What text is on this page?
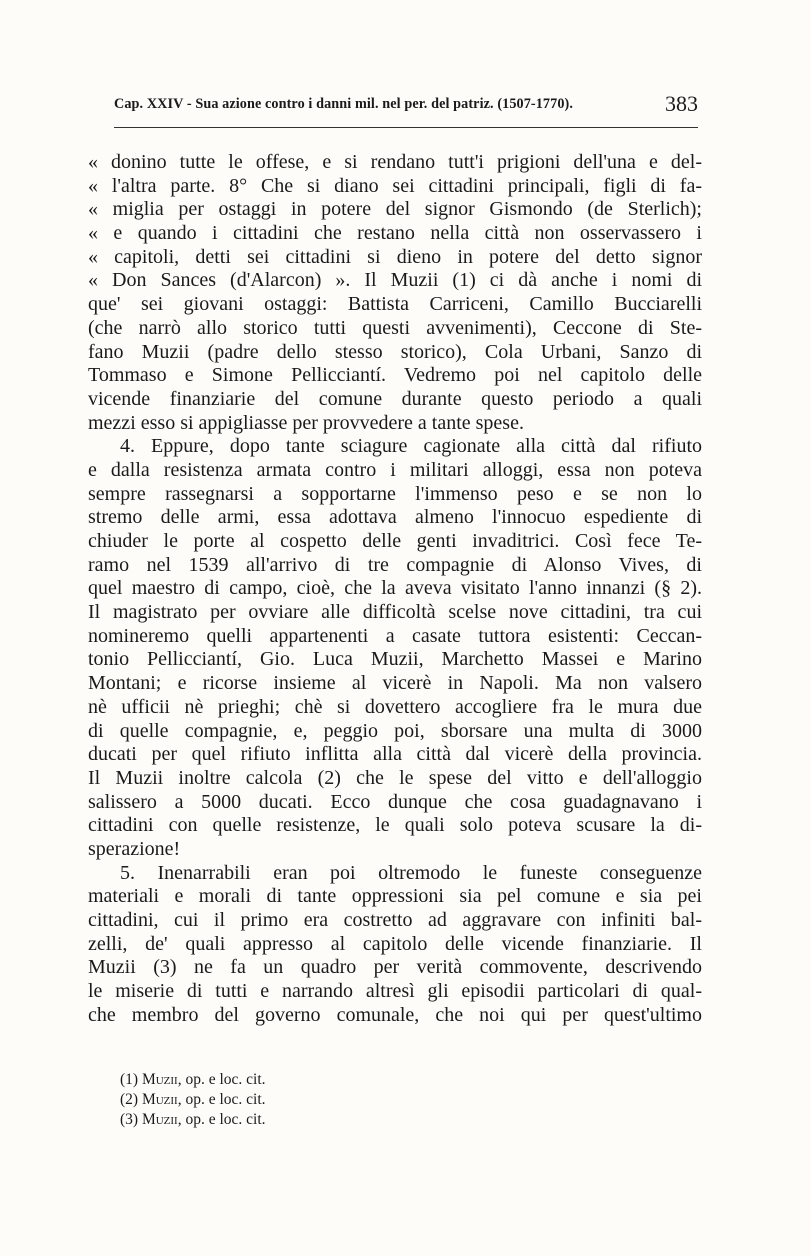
Cap. XXIV - Sua azione contro i danni mil. nel per. del patriz. (1507-1770).	383
« donino tutte le offese, e si rendano tutt'i prigioni dell'una e del-
« l'altra parte. 8° Che si diano sei cittadini principali, figli di fa-
« miglia per ostaggi in potere del signor Gismondo (de Sterlich);
« e quando i cittadini che restano nella città non osservassero i
« capitoli, detti sei cittadini si dieno in potere del detto signor
« Don Sances (d'Alarcon) ». Il Muzii (1) ci dà anche i nomi di
que' sei giovani ostaggi: Battista Carriceni, Camillo Bucciarelli
(che narrò allo storico tutti questi avvenimenti), Ceccone di Ste-
fano Muzii (padre dello stesso storico), Cola Urbani, Sanzo di
Tommaso e Simone Pellicciantí. Vedremo poi nel capitolo delle
vicende finanziarie del comune durante questo periodo a quali
mezzi esso si appigliasse per provvedere a tante spese.
4. Eppure, dopo tante sciagure cagionate alla città dal rifiuto
e dalla resistenza armata contro i militari alloggi, essa non poteva
sempre rassegnarsi a sopportarne l'immenso peso e se non lo
stremo delle armi, essa adottava almeno l'innocuo espediente di
chiuder le porte al cospetto delle genti invaditrici. Così fece Te-
ramo nel 1539 all'arrivo di tre compagnie di Alonso Vives, di
quel maestro di campo, cioè, che la aveva visitato l'anno innanzi (§ 2).
Il magistrato per ovviare alle difficoltà scelse nove cittadini, tra cui
nomineremo quelli appartenenti a casate tuttora esistenti: Ceccan-
tonio Pellicciantí, Gio. Luca Muzii, Marchetto Massei e Marino
Montani; e ricorse insieme al vicerè in Napoli. Ma non valsero
nè ufficii nè prieghi; chè si dovettero accogliere fra le mura due
di quelle compagnie, e, peggio poi, sborsare una multa di 3000
ducati per quel rifiuto inflitta alla città dal vicerè della provincia.
Il Muzii inoltre calcola (2) che le spese del vitto e dell'alloggio
salissero a 5000 ducati. Ecco dunque che cosa guadagnavano i
cittadini con quelle resistenze, le quali solo poteva scusare la di-
sperazione!
5. Inenarrabili eran poi oltremodo le funeste conseguenze
materiali e morali di tante oppressioni sia pel comune e sia pei
cittadini, cui il primo era costretto ad aggravare con infiniti bal-
zelli, de' quali appresso al capitolo delle vicende finanziarie. Il
Muzii (3) ne fa un quadro per verità commovente, descrivendo
le miserie di tutti e narrando altresì gli episodii particolari di qual-
che membro del governo comunale, che noi qui per quest'ultimo
(1) Muzii, op. e loc. cit.
(2) Muzii, op. e loc. cit.
(3) Muzii, op. e loc. cit.
